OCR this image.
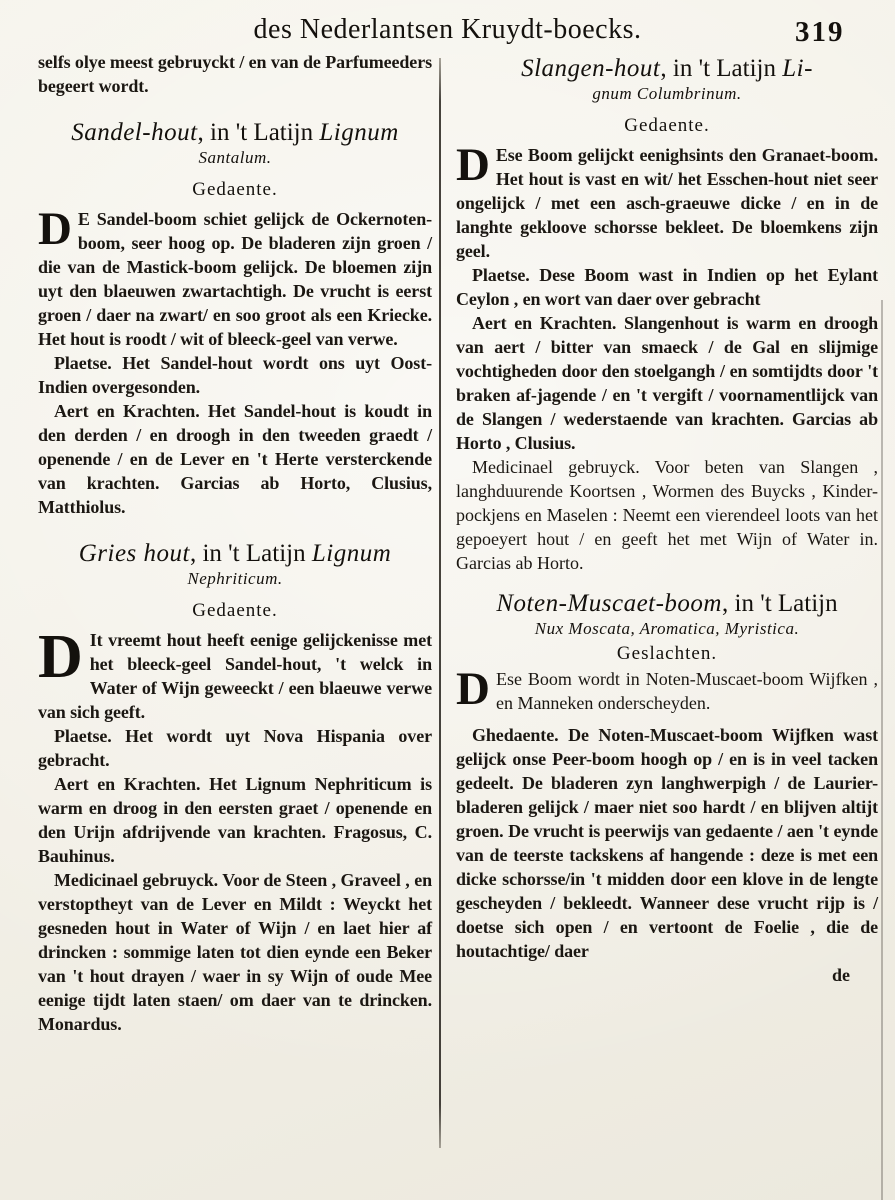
des Nederlantsen Kruydt-boecks.	319

selfs olye meest gebruyckt / en van de Parfumeeders begeert wordt.

Sandel-hout, in 't Latijn Lignum
Santalum.
Gedaente.

D E Sandel-boom schiet gelijck de Ockernoten-boom, seer hoog op. De bladeren zijn groen / die van de Mastick-boom gelijck. De bloemen zijn uyt den blaeuwen zwartachtigh. De vrucht is eerst groen / daer na zwart/ en soo groot als een Kriecke. Het hout is roodt / wit of bleeck-geel van verwe.

Plaetse. Het Sandel-hout wordt ons uyt Oost-Indien overgesonden.

Aert en Krachten. Het Sandel-hout is koudt in den derden / en droogh in den tweeden graedt / openende / en de Lever en 't Herte versterckende van krachten. Garcias ab Horto, Clusius, Matthiolus.

Gries hout, in 't Latijn Lignum
Nephriticum.
Gedaente.

D It vreemt hout heeft eenige gelijckenisse met het bleeck-geel Sandel-hout, 't welck in Water of Wijn geweeckt / een blaeuwe verwe van sich geeft.

Plaetse. Het wordt uyt Nova Hispania over gebracht.

Aert en Krachten. Het Lignum Nephriticum is warm en droog in den eersten graet / openende en den Urijn afdrijvende van krachten. Fragosus, C. Bauhinus.

Medicinael gebruyck. Voor de Steen , Graveel , en verstoptheyt van de Lever en Mildt : Weyckt het gesneden hout in Water of Wijn / en laet hier af drincken : sommige laten tot dien eynde een Beker van 't hout drayen / waer in sy Wijn of oude Mee eenige tijdt laten staen/ om daer van te drincken. Monardus.

Slangen-hout, in 't Latijn Li-
gnum Columbrinum.
Gedaente.

D Ese Boom gelijckt eenighsints den Granaet-boom. Het hout is vast en wit/ het Esschen-hout niet seer ongelijck / met een asch-graeuwe dicke / en in de langhte gekloove schorsse bekleet. De bloemkens zijn geel.

Plaetse. Dese Boom wast in Indien op het Eylant Ceylon , en wort van daer over gebracht

Aert en Krachten. Slangenhout is warm en droogh van aert / bitter van smaeck / de Gal en slijmige vochtigheden door den stoelgangh / en somtijdts door 't braken af-jagende / en 't vergift / voornamentlijck van de Slangen / wederstaende van krachten. Garcias ab Horto , Clusius.

Medicinael gebruyck. Voor beten van Slangen , langhduurende Koortsen , Wormen des Buycks , Kinder-pockjens en Maselen : Neemt een vierendeel loots van het gepoeyert hout / en geeft het met Wijn of Water in. Garcias ab Horto.

Noten-Muscaet-boom, in 't Latijn
Nux Moscata, Aromatica, Myristica.
Geslachten.

D Ese Boom wordt in Noten-Muscaet-boom Wijfken , en Manneken onderscheyden.

Ghedaente. De Noten-Muscaet-boom Wijfken wast gelijck onse Peer-boom hoogh op / en is in veel tacken gedeelt. De bladeren zyn langhwerpigh / de Laurier-bladeren gelijck / maer niet soo hardt / en blijven altijt groen. De vrucht is peerwijs van gedaente / aen 't eynde van de teerste tackskens af hangende : deze is met een dicke schorsse/in 't midden door een klove in de lengte gescheyden / bekleedt. Wanneer dese vrucht rijp is / doetse sich open / en vertoont de Foelie , die de houtachtige/ daer

de
